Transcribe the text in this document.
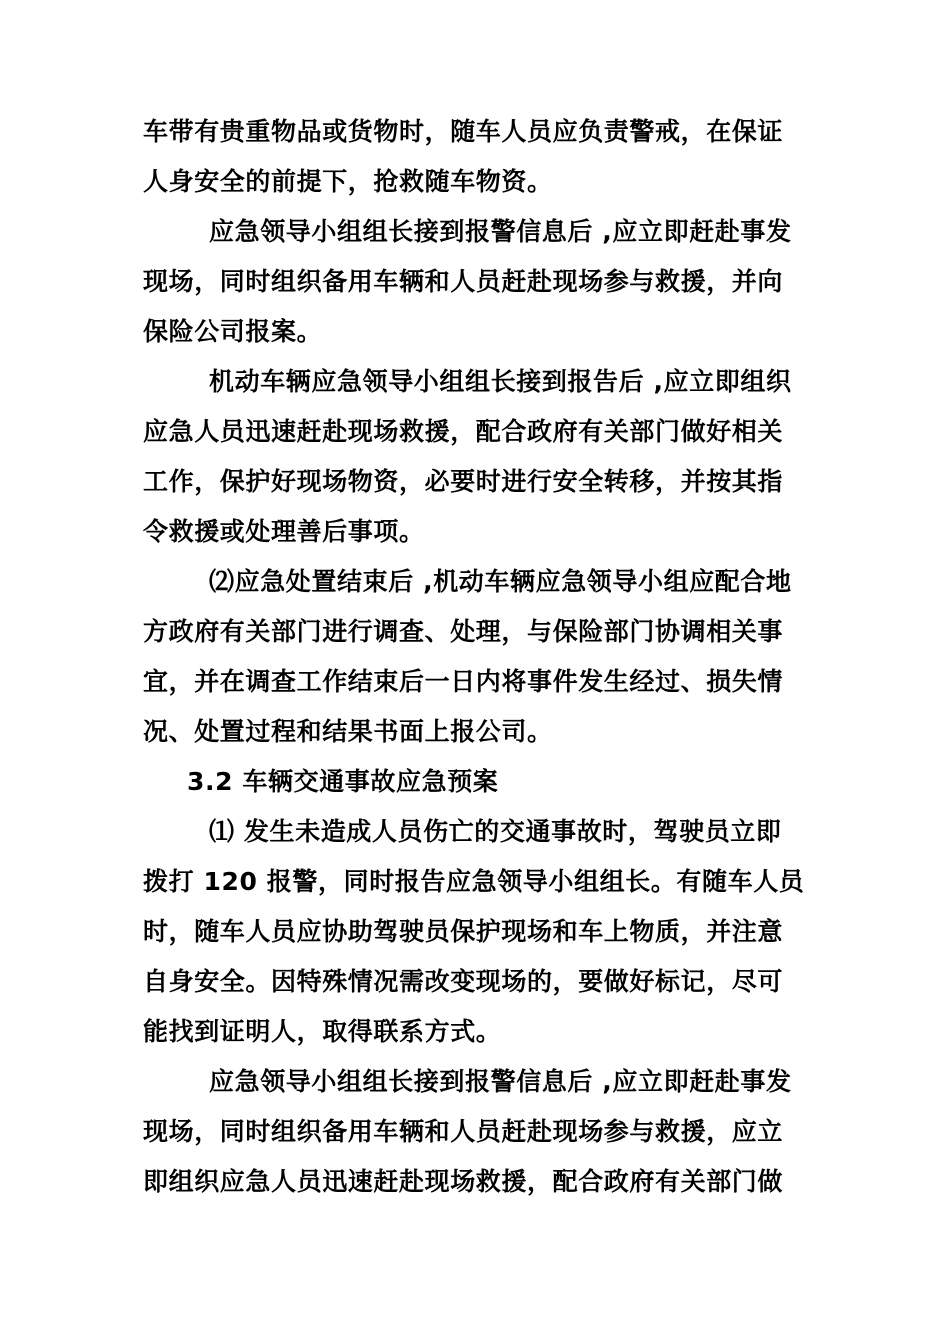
车带有贵重物品或货物时，随车人员应负责警戒，在保证
人身安全的前提下，抢救随车物资。
应急领导小组组长接到报警信息后 ,应立即赶赴事发
现场，同时组织备用车辆和人员赶赴现场参与救援，并向
保险公司报案。
机动车辆应急领导小组组长接到报告后 ,应立即组织
应急人员迅速赶赴现场救援，配合政府有关部门做好相关
工作，保护好现场物资，必要时进行安全转移，并按其指
令救援或处理善后事项。
⑵应急处置结束后 ,机动车辆应急领导小组应配合地
方政府有关部门进行调查、处理，与保险部门协调相关事
宜，并在调查工作结束后一日内将事件发生经过、损失情
况、处置过程和结果书面上报公司。
3.2 车辆交通事故应急预案
⑴ 发生未造成人员伤亡的交通事故时，驾驶员立即
拨打 120 报警，同时报告应急领导小组组长。有随车人员
时，随车人员应协助驾驶员保护现场和车上物质，并注意
自身安全。因特殊情况需改变现场的，要做好标记，尽可
能找到证明人，取得联系方式。
应急领导小组组长接到报警信息后 ,应立即赶赴事发
现场，同时组织备用车辆和人员赶赴现场参与救援，应立
即组织应急人员迅速赶赴现场救援，配合政府有关部门做
